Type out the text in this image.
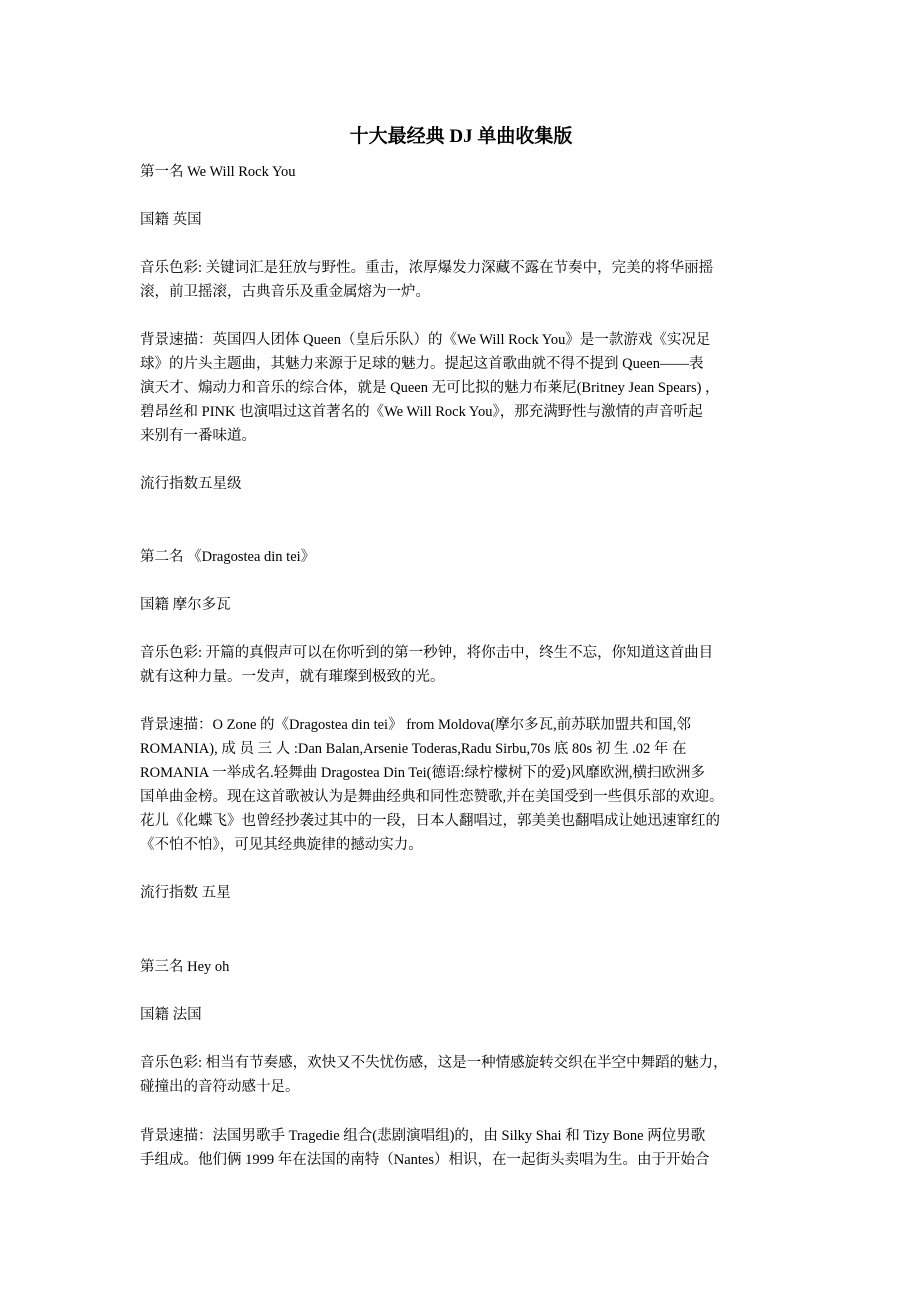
十大最经典 DJ 单曲收集版
第一名 We Will Rock You
国籍 英国
音乐色彩: 关键词汇是狂放与野性。重击，浓厚爆发力深藏不露在节奏中，完美的将华丽摇
滚，前卫摇滚，古典音乐及重金属熔为一炉。
背景速描：英国四人团体 Queen（皇后乐队）的《We Will Rock You》是一款游戏《实况足
球》的片头主题曲，其魅力来源于足球的魅力。提起这首歌曲就不得不提到 Queen——表
演天才、煽动力和音乐的综合体，就是 Queen 无可比拟的魅力布莱尼(Britney Jean Spears) ，
碧昂丝和 PINK 也演唱过这首著名的《We Will Rock You》，那充满野性与激情的声音听起
来别有一番味道。
流行指数五星级
第二名 《Dragostea din tei》
国籍 摩尔多瓦
音乐色彩: 开篇的真假声可以在你听到的第一秒钟，将你击中，终生不忘，你知道这首曲目
就有这种力量。一发声，就有璀璨到极致的光。
背景速描：O Zone 的《Dragostea din tei》 from Moldova(摩尔多瓦,前苏联加盟共和国,邻
ROMANIA), 成 员 三 人 :Dan Balan,Arsenie Toderas,Radu Sirbu,70s 底 80s 初 生 .02 年 在
ROMANIA 一举成名.轻舞曲 Dragostea Din Tei(德语:绿柠檬树下的爱)风靡欧洲,横扫欧洲多
国单曲金榜。现在这首歌被认为是舞曲经典和同性恋赞歌,并在美国受到一些俱乐部的欢迎。
花儿《化蝶飞》也曾经抄袭过其中的一段，日本人翻唱过，郭美美也翻唱成让她迅速窜红的
《不怕不怕》，可见其经典旋律的撼动实力。
流行指数 五星
第三名 Hey oh
国籍 法国
音乐色彩: 相当有节奏感，欢快又不失忧伤感，这是一种情感旋转交织在半空中舞蹈的魅力，
碰撞出的音符动感十足。
背景速描：法国男歌手 Tragedie 组合(悲剧演唱组)的，由 Silky Shai 和 Tizy Bone 两位男歌
手组成。他们俩 1999 年在法国的南特（Nantes）相识，在一起街头卖唱为生。由于开始合
